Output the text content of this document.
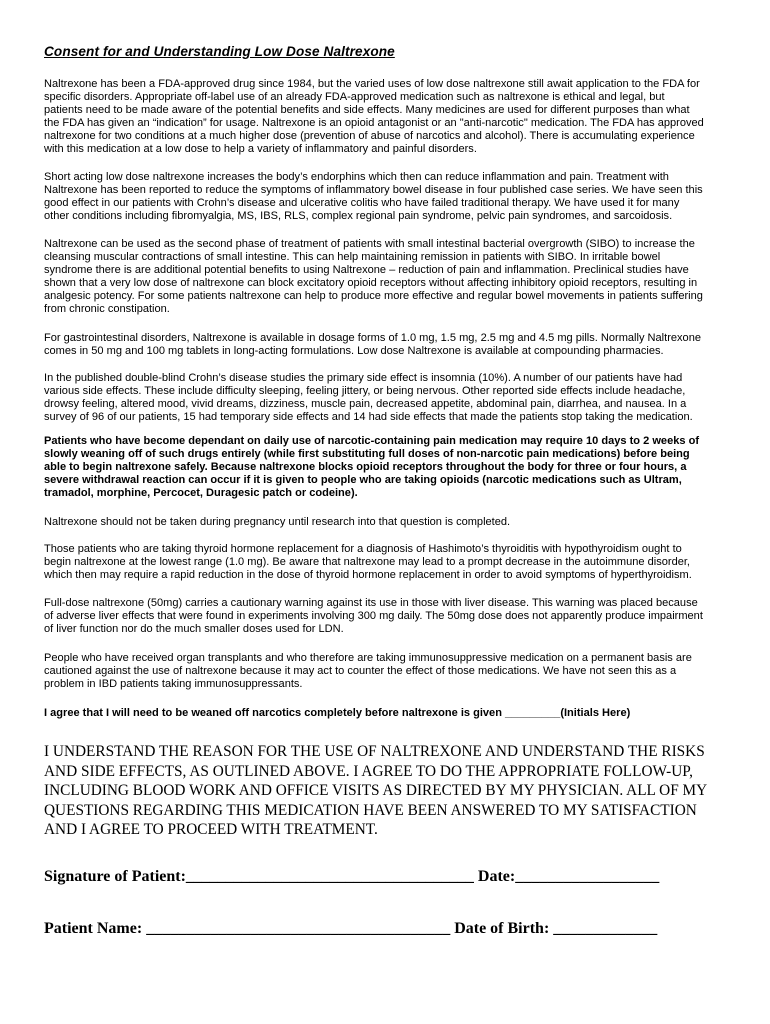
Consent for and Understanding Low Dose Naltrexone
Naltrexone has been a FDA-approved drug since 1984, but the varied uses of low dose naltrexone still await application to the FDA for
specific disorders. Appropriate off-label use of an already FDA-approved medication such as naltrexone is ethical and legal, but
patients need to be made aware of the potential benefits and side effects. Many medicines are used for different purposes than what
the FDA has given an “indication” for usage. Naltrexone is an opioid antagonist or an "anti-narcotic" medication. The FDA has approved
naltrexone for two conditions at a much higher dose (prevention of abuse of narcotics and alcohol). There is accumulating experience
with this medication at a low dose to help a variety of inflammatory and painful disorders.
Short acting low dose naltrexone increases the body’s endorphins which then can reduce inflammation and pain. Treatment with
Naltrexone has been reported to reduce the symptoms of inflammatory bowel disease in four published case series. We have seen this
good effect in our patients with Crohn’s disease and ulcerative colitis who have failed traditional therapy. We have used it for many
other conditions including fibromyalgia, MS, IBS, RLS, complex regional pain syndrome, pelvic pain syndromes, and sarcoidosis.
Naltrexone can be used as the second phase of treatment of patients with small intestinal bacterial overgrowth (SIBO) to increase the
cleansing muscular contractions of small intestine. This can help maintaining remission in patients with SIBO. In irritable bowel
syndrome there is are additional potential benefits to using Naltrexone – reduction of pain and inflammation. Preclinical studies have
shown that a very low dose of naltrexone can block excitatory opioid receptors without affecting inhibitory opioid receptors, resulting in
analgesic potency. For some patients naltrexone can help to produce more effective and regular bowel movements in patients suffering
from chronic constipation.
For gastrointestinal disorders, Naltrexone is available in dosage forms of 1.0 mg, 1.5 mg, 2.5 mg and 4.5 mg pills. Normally Naltrexone
comes in 50 mg and 100 mg tablets in long-acting formulations. Low dose Naltrexone is available at compounding pharmacies.
In the published double-blind Crohn’s disease studies the primary side effect is insomnia (10%). A number of our patients have had
various side effects. These include difficulty sleeping, feeling jittery, or being nervous. Other reported side effects include headache,
drowsy feeling, altered mood, vivid dreams, dizziness, muscle pain, decreased appetite, abdominal pain, diarrhea, and nausea. In a
survey of 96 of our patients, 15 had temporary side effects and 14 had side effects that made the patients stop taking the medication.
Patients who have become dependant on daily use of narcotic-containing pain medication may require 10 days to 2 weeks of
slowly weaning off of such drugs entirely (while first substituting full doses of non-narcotic pain medications) before being
able to begin naltrexone safely. Because naltrexone blocks opioid receptors throughout the body for three or four hours, a
severe withdrawal reaction can occur if it is given to people who are taking opioids (narcotic medications such as Ultram,
tramadol, morphine, Percocet, Duragesic patch or codeine).
Naltrexone should not be taken during pregnancy until research into that question is completed.
Those patients who are taking thyroid hormone replacement for a diagnosis of Hashimoto’s thyroiditis with hypothyroidism ought to
begin naltrexone at the lowest range (1.0 mg). Be aware that naltrexone may lead to a prompt decrease in the autoimmune disorder,
which then may require a rapid reduction in the dose of thyroid hormone replacement in order to avoid symptoms of hyperthyroidism.
Full-dose naltrexone (50mg) carries a cautionary warning against its use in those with liver disease. This warning was placed because
of adverse liver effects that were found in experiments involving 300 mg daily. The 50mg dose does not apparently produce impairment
of liver function nor do the much smaller doses used for LDN.
People who have received organ transplants and who therefore are taking immunosuppressive medication on a permanent basis are
cautioned against the use of naltrexone because it may act to counter the effect of those medications. We have not seen this as a
problem in IBD patients taking immunosuppressants.
I agree that I will need to be weaned off narcotics completely before naltrexone is given _________(Initials Here)
I UNDERSTAND THE REASON FOR THE USE OF NALTREXONE AND UNDERSTAND THE RISKS
AND SIDE EFFECTS, AS OUTLINED ABOVE. I AGREE TO DO THE APPROPRIATE FOLLOW-UP,
INCLUDING BLOOD WORK AND OFFICE VISITS AS DIRECTED BY MY PHYSICIAN. ALL OF MY
QUESTIONS REGARDING THIS MEDICATION HAVE BEEN ANSWERED TO MY SATISFACTION
AND I AGREE TO PROCEED WITH TREATMENT.
Signature of Patient:____________________________________ Date:__________________
Patient Name: ______________________________________ Date of Birth: _____________
